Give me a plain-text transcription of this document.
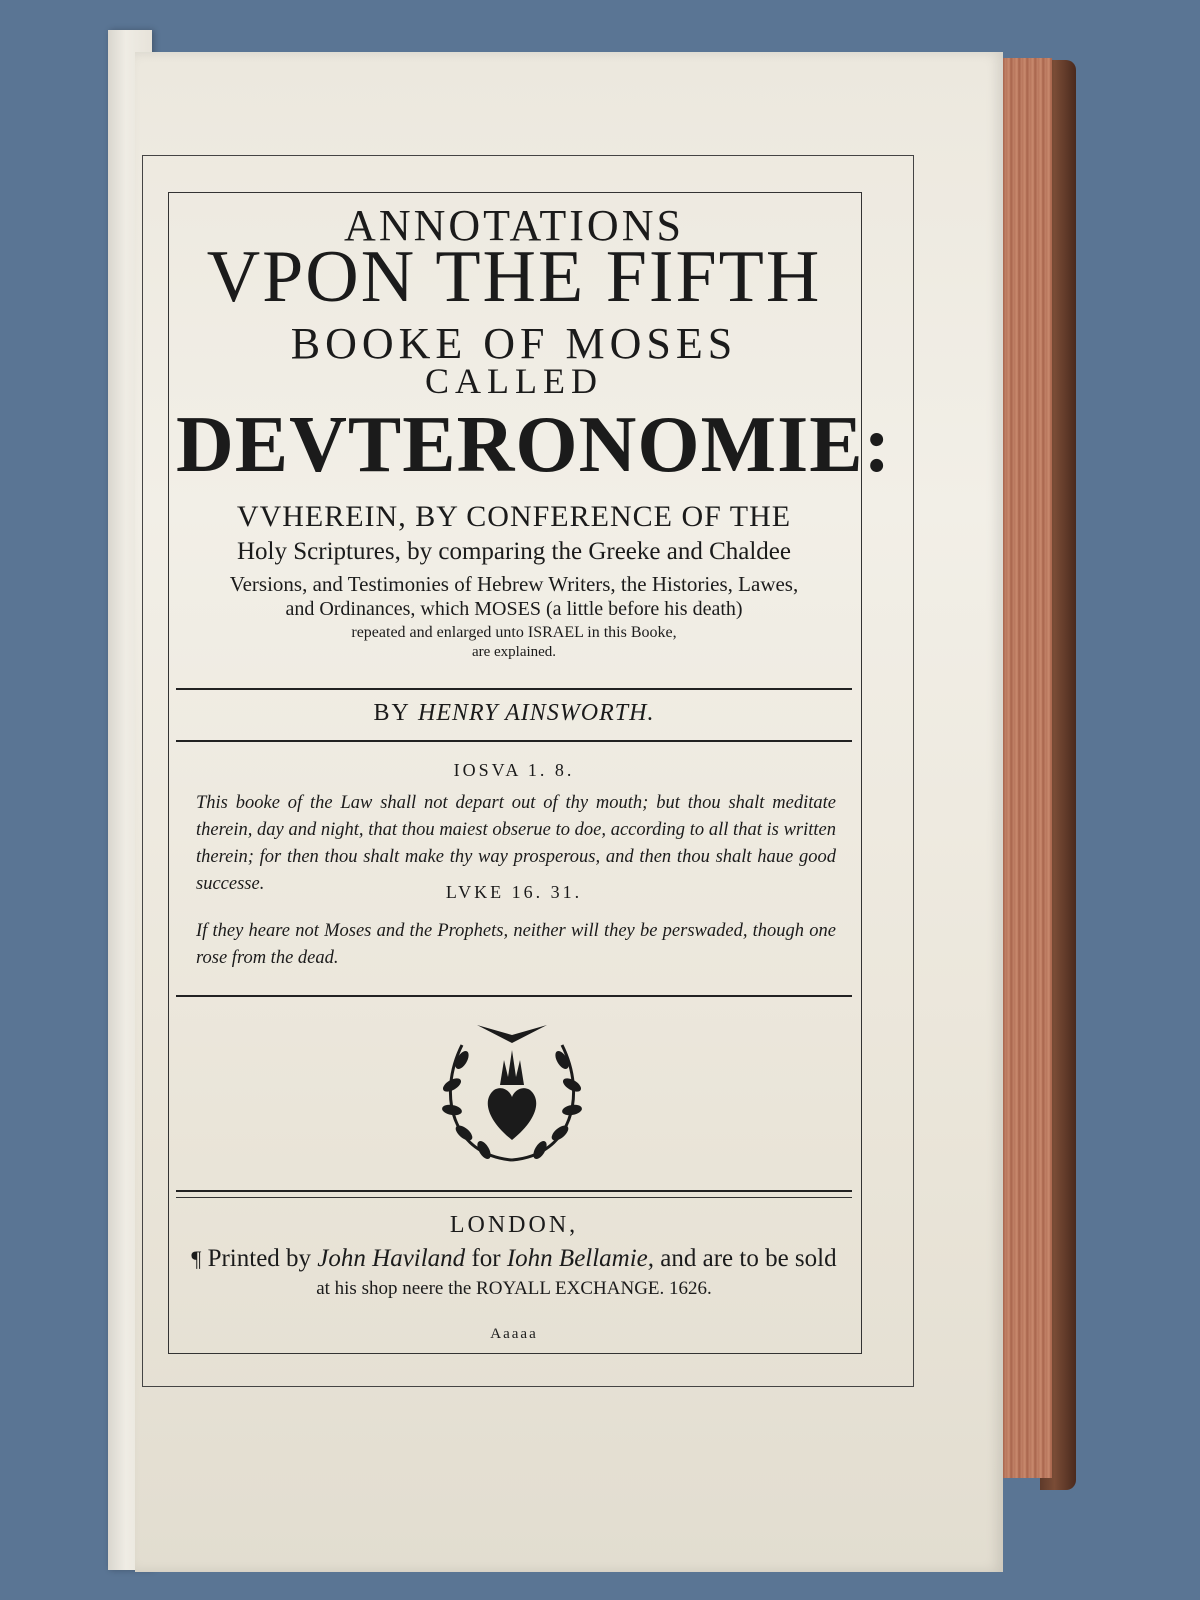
ANNOTATIONS
VPON THE FIFTH
BOOKE OF MOSES
CALLED
DEVTERONOMIE:
VVHEREIN, BY CONFERENCE OF THE
Holy Scriptures, by comparing the Greeke and Chaldee
Versions, and Testimonies of Hebrew Writers, the Histories, Lawes,
and Ordinances, which MOSES (a little before his death)
repeated and enlarged unto ISRAEL in this Booke,
are explained.
BY HENRY AINSWORTH.
IOSVA 1. 8.
This booke of the Law shall not depart out of thy mouth; but thou shalt meditate therein, day and night, that thou maiest obserue to doe, according to all that is written therein; for then thou shalt make thy way prosperous, and then thou shalt haue good successe.	LVKE 16. 31.
If they heare not Moses and the Prophets, neither will they be perswaded, though one rose from the dead.
LONDON,
¶ Printed by John Haviland for Iohn Bellamie, and are to be sold
at his shop neere the ROYALL EXCHANGE. 1626.
Aaaaa
